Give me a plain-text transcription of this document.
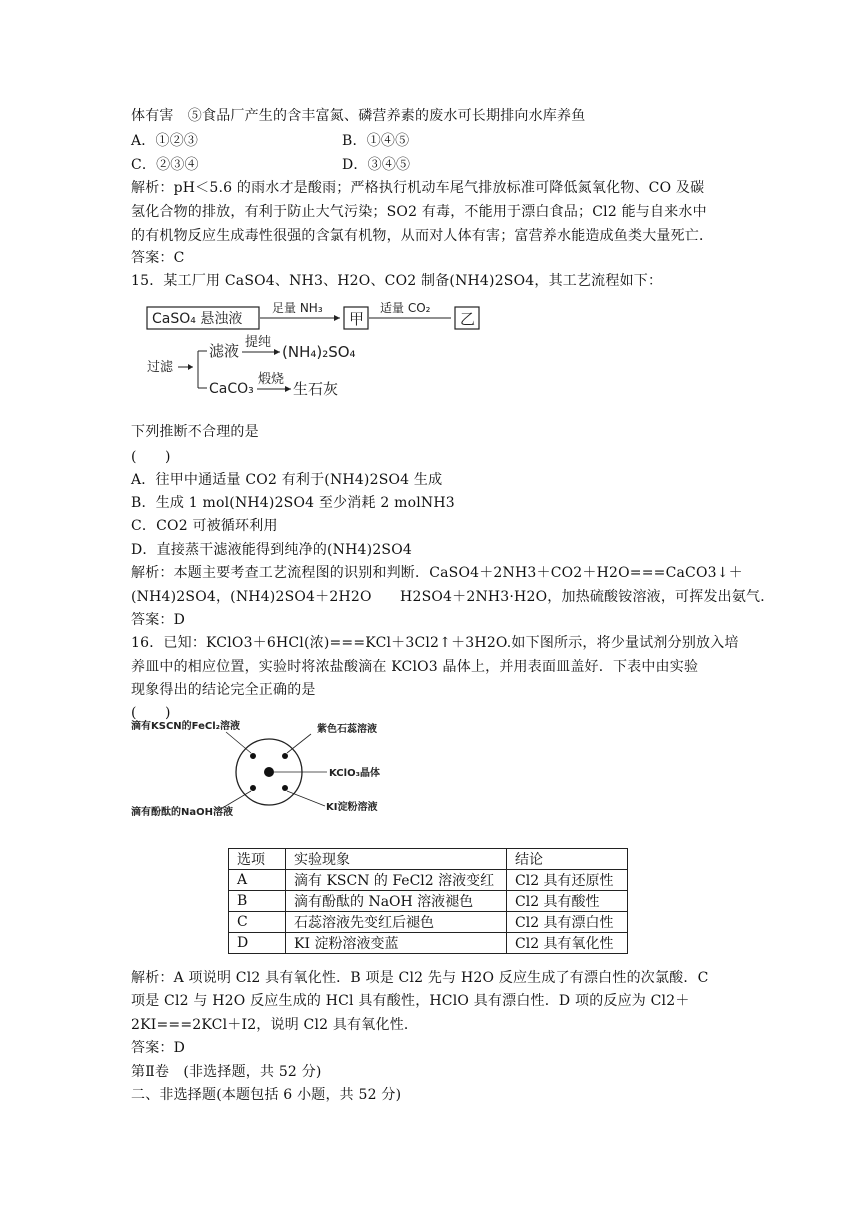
体有害　⑤食品厂产生的含丰富氮、磷营养素的废水可长期排向水库养鱼
A．①②③	B．①④⑤
C．②③④	D．③④⑤
解析：pH＜5.6 的雨水才是酸雨；严格执行机动车尾气排放标准可降低氮氧化物、CO 及碳
氢化合物的排放，有利于防止大气污染；SO2 有毒，不能用于漂白食品；Cl2 能与自来水中
的有机物反应生成毒性很强的含氯有机物，从而对人体有害；富营养水能造成鱼类大量死亡．
答案：C
15．某工厂用 CaSO4、NH3、H2O、CO2 制备(NH4)2SO4，其工艺流程如下：
CaSO₄ 悬浊液
足量 NH₃
甲
适量 CO₂
过滤
滤液 提纯
(NH₄)₂SO₄
CaCO₃
煅烧
生石灰
乙
下列推断不合理的是
(　　)
A．往甲中通适量 CO2 有利于(NH4)2SO4 生成
B．生成 1 mol(NH4)2SO4 至少消耗 2 molNH3
C．CO2 可被循环利用
D．直接蒸干滤液能得到纯净的(NH4)2SO4
解析：本题主要考查工艺流程图的识别和判断．CaSO4＋2NH3＋CO2＋H2O===CaCO3↓＋
(NH4)2SO4，(NH4)2SO4＋2H2O　　H2SO4＋2NH3·H2O，加热硫酸铵溶液，可挥发出氨气．
答案：D
16．已知：KClO3＋6HCl(浓)===KCl＋3Cl2↑＋3H2O.如下图所示，将少量试剂分别放入培
养皿中的相应位置，实验时将浓盐酸滴在 KClO3 晶体上，并用表面皿盖好．下表中由实验
现象得出的结论完全正确的是
(　　)
滴有KSCN的FeCl₂溶液	紫色石蕊溶液
KClO₃晶体
KI淀粉溶液
滴有酚酞的NaOH溶液
选项	实验现象	结论
A	滴有 KSCN 的 FeCl2 溶液变红	Cl2 具有还原性
B	滴有酚酞的 NaOH 溶液褪色	Cl2 具有酸性
C	石蕊溶液先变红后褪色	Cl2 具有漂白性
D	KI 淀粉溶液变蓝	Cl2 具有氧化性
解析：A 项说明 Cl2 具有氧化性．B 项是 Cl2 先与 H2O 反应生成了有漂白性的次氯酸．C
项是 Cl2 与 H2O 反应生成的 HCl 具有酸性，HClO 具有漂白性．D 项的反应为 Cl2＋
2KI===2KCl＋I2，说明 Cl2 具有氧化性．
答案：D
第Ⅱ卷　(非选择题，共 52 分)
二、非选择题(本题包括 6 小题，共 52 分)
